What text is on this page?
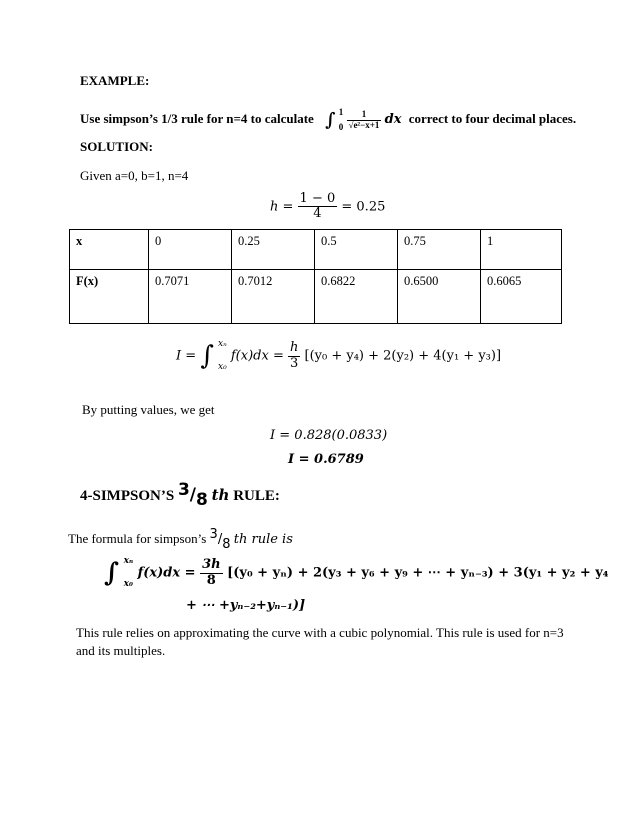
EXAMPLE:
Use simpson’s 1/3 rule for n=4 to calculate ∫ 1
0
$\frac{1}{\text{√e²−x+1}}$ dx correct to four decimal places.
SOLUTION:
Given a=0, b=1, n=4
$h = \frac{1 - 0}{4} = 0.25$
x	0	0.25	0.5	0.75	1
F(x)	0.7071	0.7012	0.6822	0.6500	0.6065
I = ∫ xₙ
x₀
$f(x)dx = \frac{h}{3} [(y_0 + y_4) + 2(y_2) + 4(y_1 + y_3)]$
By putting values, we get
I = 0.828(0.0833)
I = 0.6789
4-SIMPSON’S 3/8 th RULE:
The formula for simpson’s 3/8 th rule is
∫ xₙ
x₀
$f(x)dx = \frac{3h}{8} [(y_0 + y_n) + 2(y_3 + y_6 + y_9$ + ⋯ + yₙ₋₃) + 3(y₁ + y₂ + y₄
+ ⋯ +yₙ₋₂+yₙ₋₁)]
This rule relies on approximating the curve with a cubic polynomial. This rule is used for n=3
and its multiples.
